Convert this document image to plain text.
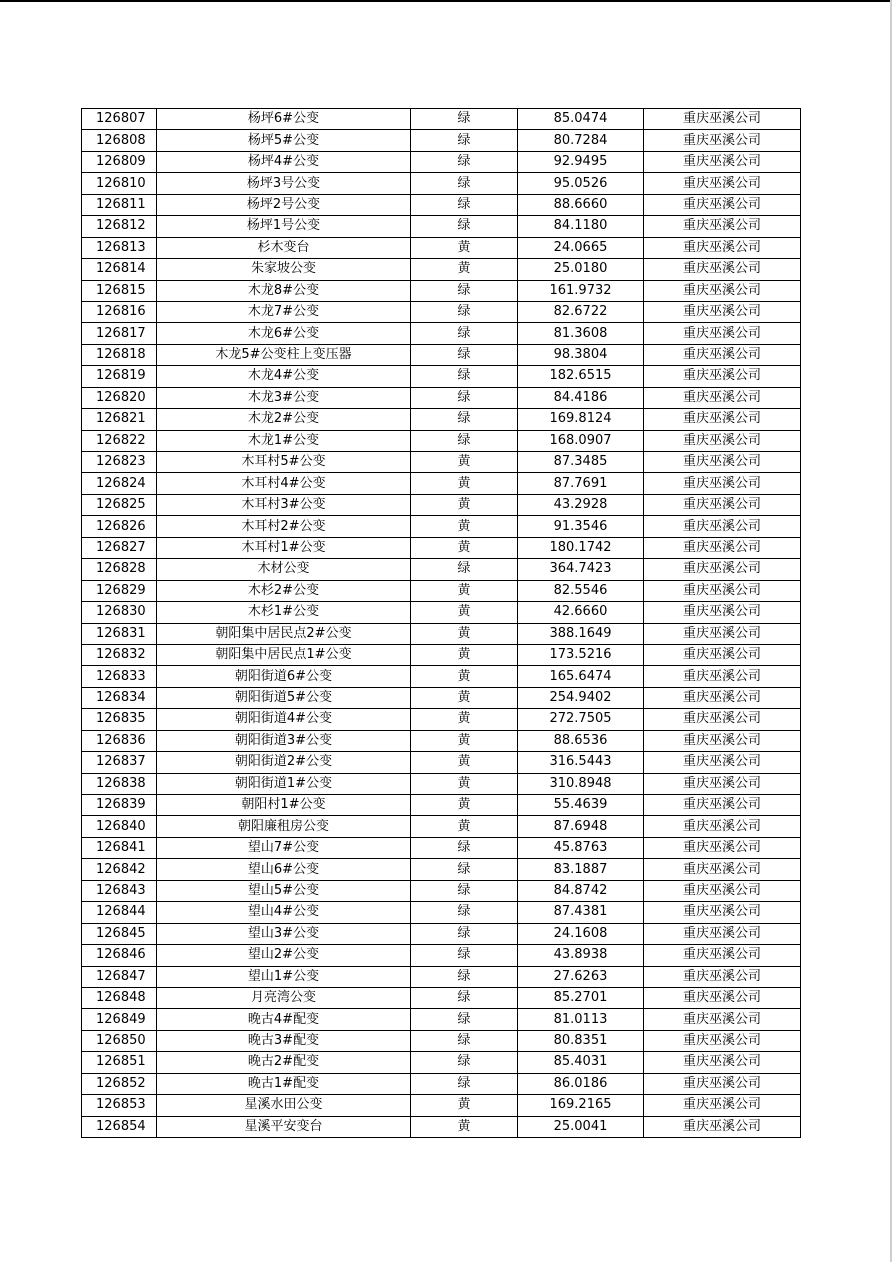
126807	杨坪6#公变	绿	85.0474	重庆巫溪公司
126808	杨坪5#公变	绿	80.7284	重庆巫溪公司
126809	杨坪4#公变	绿	92.9495	重庆巫溪公司
126810	杨坪3号公变	绿	95.0526	重庆巫溪公司
126811	杨坪2号公变	绿	88.6660	重庆巫溪公司
126812	杨坪1号公变	绿	84.1180	重庆巫溪公司
126813	杉木变台	黄	24.0665	重庆巫溪公司
126814	朱家坡公变	黄	25.0180	重庆巫溪公司
126815	木龙8#公变	绿	161.9732	重庆巫溪公司
126816	木龙7#公变	绿	82.6722	重庆巫溪公司
126817	木龙6#公变	绿	81.3608	重庆巫溪公司
126818	木龙5#公变柱上变压器	绿	98.3804	重庆巫溪公司
126819	木龙4#公变	绿	182.6515	重庆巫溪公司
126820	木龙3#公变	绿	84.4186	重庆巫溪公司
126821	木龙2#公变	绿	169.8124	重庆巫溪公司
126822	木龙1#公变	绿	168.0907	重庆巫溪公司
126823	木耳村5#公变	黄	87.3485	重庆巫溪公司
126824	木耳村4#公变	黄	87.7691	重庆巫溪公司
126825	木耳村3#公变	黄	43.2928	重庆巫溪公司
126826	木耳村2#公变	黄	91.3546	重庆巫溪公司
126827	木耳村1#公变	黄	180.1742	重庆巫溪公司
126828	木材公变	绿	364.7423	重庆巫溪公司
126829	木杉2#公变	黄	82.5546	重庆巫溪公司
126830	木杉1#公变	黄	42.6660	重庆巫溪公司
126831	朝阳集中居民点2#公变	黄	388.1649	重庆巫溪公司
126832	朝阳集中居民点1#公变	黄	173.5216	重庆巫溪公司
126833	朝阳街道6#公变	黄	165.6474	重庆巫溪公司
126834	朝阳街道5#公变	黄	254.9402	重庆巫溪公司
126835	朝阳街道4#公变	黄	272.7505	重庆巫溪公司
126836	朝阳街道3#公变	黄	88.6536	重庆巫溪公司
126837	朝阳街道2#公变	黄	316.5443	重庆巫溪公司
126838	朝阳街道1#公变	黄	310.8948	重庆巫溪公司
126839	朝阳村1#公变	黄	55.4639	重庆巫溪公司
126840	朝阳廉租房公变	黄	87.6948	重庆巫溪公司
126841	望山7#公变	绿	45.8763	重庆巫溪公司
126842	望山6#公变	绿	83.1887	重庆巫溪公司
126843	望山5#公变	绿	84.8742	重庆巫溪公司
126844	望山4#公变	绿	87.4381	重庆巫溪公司
126845	望山3#公变	绿	24.1608	重庆巫溪公司
126846	望山2#公变	绿	43.8938	重庆巫溪公司
126847	望山1#公变	绿	27.6263	重庆巫溪公司
126848	月亮湾公变	绿	85.2701	重庆巫溪公司
126849	晚古4#配变	绿	81.0113	重庆巫溪公司
126850	晚古3#配变	绿	80.8351	重庆巫溪公司
126851	晚古2#配变	绿	85.4031	重庆巫溪公司
126852	晚古1#配变	绿	86.0186	重庆巫溪公司
126853	星溪水田公变	黄	169.2165	重庆巫溪公司
126854	星溪平安变台	黄	25.0041	重庆巫溪公司
